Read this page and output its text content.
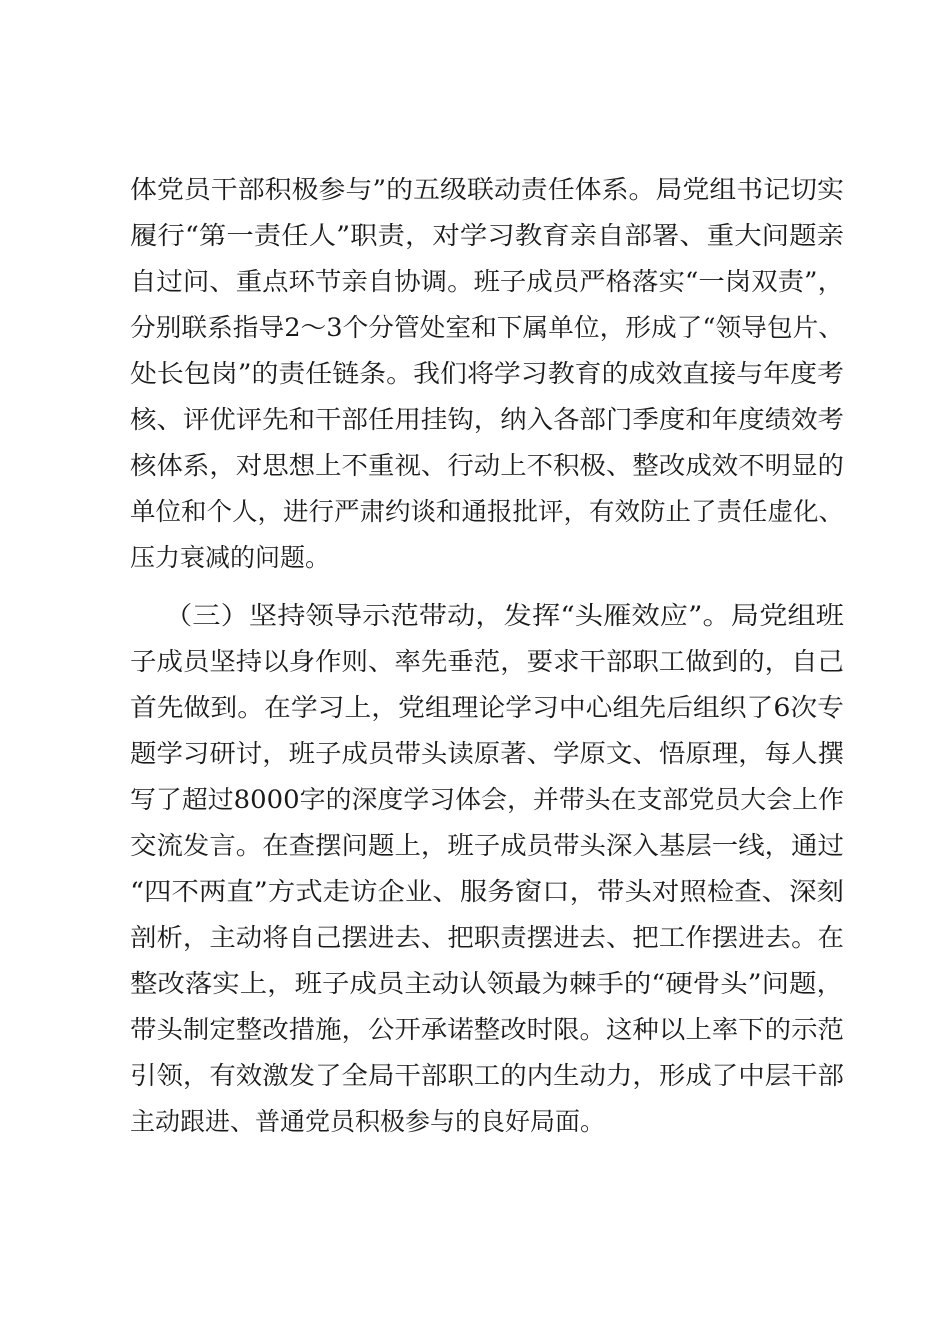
体党员干部积极参与”的五级联动责任体系。局党组书记切实
履行“第一责任人”职责，对学习教育亲自部署、重大问题亲
自过问、重点环节亲自协调。班子成员严格落实“一岗双责”，
分别联系指导2～3个分管处室和下属单位，形成了“领导包片、
处长包岗”的责任链条。我们将学习教育的成效直接与年度考
核、评优评先和干部任用挂钩，纳入各部门季度和年度绩效考
核体系，对思想上不重视、行动上不积极、整改成效不明显的
单位和个人，进行严肃约谈和通报批评，有效防止了责任虚化、
压力衰减的问题。
（三）坚持领导示范带动，发挥“头雁效应”。局党组班
子成员坚持以身作则、率先垂范，要求干部职工做到的，自己
首先做到。在学习上，党组理论学习中心组先后组织了6次专
题学习研讨，班子成员带头读原著、学原文、悟原理，每人撰
写了超过8000字的深度学习体会，并带头在支部党员大会上作
交流发言。在查摆问题上，班子成员带头深入基层一线，通过
“四不两直”方式走访企业、服务窗口，带头对照检查、深刻
剖析，主动将自己摆进去、把职责摆进去、把工作摆进去。在
整改落实上，班子成员主动认领最为棘手的“硬骨头”问题，
带头制定整改措施，公开承诺整改时限。这种以上率下的示范
引领，有效激发了全局干部职工的内生动力，形成了中层干部
主动跟进、普通党员积极参与的良好局面。
